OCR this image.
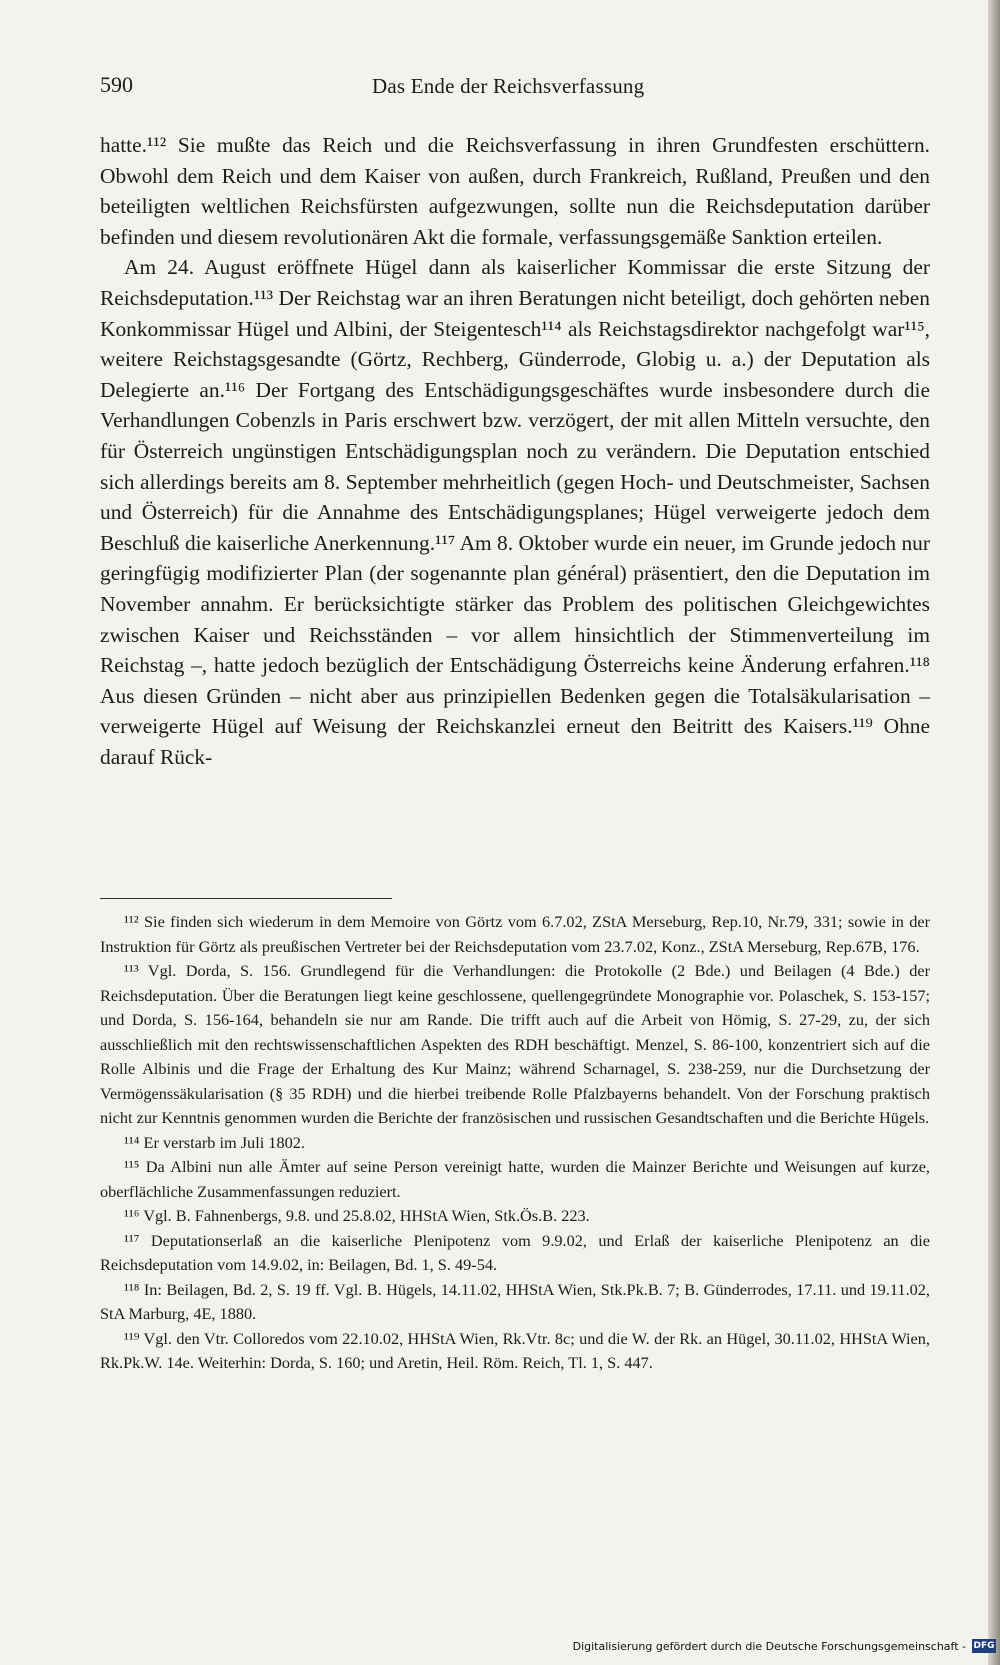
590	Das Ende der Reichsverfassung

hatte.¹¹² Sie mußte das Reich und die Reichsverfassung in ihren Grundfesten erschüttern. Obwohl dem Reich und dem Kaiser von außen, durch Frankreich, Rußland, Preußen und den beteiligten weltlichen Reichsfürsten aufgezwungen, sollte nun die Reichsdeputation darüber befinden und diesem revolutionären Akt die formale, verfassungsgemäße Sanktion erteilen.

Am 24. August eröffnete Hügel dann als kaiserlicher Kommissar die erste Sitzung der Reichsdeputation.¹¹³ Der Reichstag war an ihren Beratungen nicht beteiligt, doch gehörten neben Konkommissar Hügel und Albini, der Steigentesch¹¹⁴ als Reichstagsdirektor nachgefolgt war¹¹⁵, weitere Reichstagsgesandte (Görtz, Rechberg, Günderrode, Globig u. a.) der Deputation als Delegierte an.¹¹⁶ Der Fortgang des Entschädigungsgeschäftes wurde insbesondere durch die Verhandlungen Cobenzls in Paris erschwert bzw. verzögert, der mit allen Mitteln versuchte, den für Österreich ungünstigen Entschädigungsplan noch zu verändern. Die Deputation entschied sich allerdings bereits am 8. September mehrheitlich (gegen Hoch- und Deutschmeister, Sachsen und Österreich) für die Annahme des Entschädigungsplanes; Hügel verweigerte jedoch dem Beschluß die kaiserliche Anerkennung.¹¹⁷ Am 8. Oktober wurde ein neuer, im Grunde jedoch nur geringfügig modifizierter Plan (der sogenannte plan général) präsentiert, den die Deputation im November annahm. Er berücksichtigte stärker das Problem des politischen Gleichgewichtes zwischen Kaiser und Reichsständen – vor allem hinsichtlich der Stimmenverteilung im Reichstag –, hatte jedoch bezüglich der Entschädigung Österreichs keine Änderung erfahren.¹¹⁸ Aus diesen Gründen – nicht aber aus prinzipiellen Bedenken gegen die Totalsäkularisation – verweigerte Hügel auf Weisung der Reichskanzlei erneut den Beitritt des Kaisers.¹¹⁹ Ohne darauf Rück-

¹¹² Sie finden sich wiederum in dem Memoire von Görtz vom 6.7.02, ZStA Merseburg, Rep.10, Nr.79, 331; sowie in der Instruktion für Görtz als preußischen Vertreter bei der Reichsdeputation vom 23.7.02, Konz., ZStA Merseburg, Rep.67B, 176.

¹¹³ Vgl. Dorda, S. 156. Grundlegend für die Verhandlungen: die Protokolle (2 Bde.) und Beilagen (4 Bde.) der Reichsdeputation. Über die Beratungen liegt keine geschlossene, quellengegründete Monographie vor. Polaschek, S. 153-157; und Dorda, S. 156-164, behandeln sie nur am Rande. Die trifft auch auf die Arbeit von Hömig, S. 27-29, zu, der sich ausschließlich mit den rechtswissenschaftlichen Aspekten des RDH beschäftigt. Menzel, S. 86-100, konzentriert sich auf die Rolle Albinis und die Frage der Erhaltung des Kur Mainz; während Scharnagel, S. 238-259, nur die Durchsetzung der Vermögenssäkularisation (§ 35 RDH) und die hierbei treibende Rolle Pfalzbayerns behandelt. Von der Forschung praktisch nicht zur Kenntnis genommen wurden die Berichte der französischen und russischen Gesandtschaften und die Berichte Hügels.

¹¹⁴ Er verstarb im Juli 1802.

¹¹⁵ Da Albini nun alle Ämter auf seine Person vereinigt hatte, wurden die Mainzer Berichte und Weisungen auf kurze, oberflächliche Zusammenfassungen reduziert.

¹¹⁶ Vgl. B. Fahnenbergs, 9.8. und 25.8.02, HHStA Wien, Stk.Ös.B. 223.

¹¹⁷ Deputationserlaß an die kaiserliche Plenipotenz vom 9.9.02, und Erlaß der kaiserliche Plenipotenz an die Reichsdeputation vom 14.9.02, in: Beilagen, Bd. 1, S. 49-54.

¹¹⁸ In: Beilagen, Bd. 2, S. 19 ff. Vgl. B. Hügels, 14.11.02, HHStA Wien, Stk.Pk.B. 7; B. Günderrodes, 17.11. und 19.11.02, StA Marburg, 4E, 1880.

¹¹⁹ Vgl. den Vtr. Colloredos vom 22.10.02, HHStA Wien, Rk.Vtr. 8c; und die W. der Rk. an Hügel, 30.11.02, HHStA Wien, Rk.Pk.W. 14e. Weiterhin: Dorda, S. 160; und Aretin, Heil. Röm. Reich, Tl. 1, S. 447.

Digitalisierung gefördert durch die Deutsche Forschungsgemeinschaft - DFG
